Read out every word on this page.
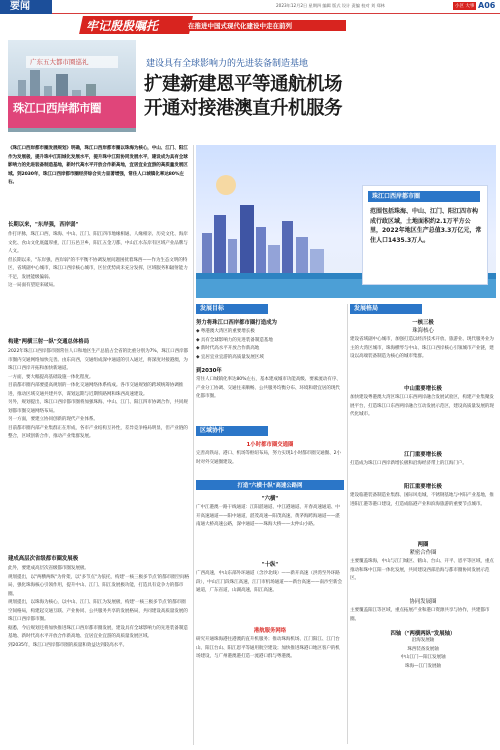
要闻	2023年12月2日 星期四 编辑 版式 设计 责编 校对 刘 郑林	小区 大事 A06
牢记殷殷嘱托	在推进中国式现代化建设中走在前列
广东五大都市圈巡礼
珠江口西岸都市圈
建设具有全球影响力的先进装备制造基地
扩建新建恩平等通航机场
开通对接港澳直升机服务
《珠江口西岸都市圈发展规划》明确，珠江口西岸都市圈以珠海为核心，中山、江门、阳江作为发展极，提升珠中江阳城化发展水平，提升珠中江阳协同发展水平，建设成为具有全球影响力的先进装备制造基地，新时代高水平开放合作新高地，宜居宜业宜游的高质量发展区域。到2030年，珠江口西岸都市圈经济综合实力显著增强，常住人口城镇化率达80%左右。
长期以来，"东岸强，西岸弱"
作打评脉，珠江口西，珠海、中山、江门、阳江四市地缘相通、人缘相亲、历史文化、海岸文化、食山文化底蕴厚重，江门五邑卫乡，阳江五金刀都，中山江水东岸有区域产业品牌与人文。
但长期以来，"东岸强，西岸弱"的不平衡不协调发展问题困扰着珠西——作为生态文明的特区，省域副中心城市，珠江口西岸核心城市，区位优势尚未充分发挥，区域服务和辐射能力不足，发展能级偏弱。
这一局面有望迎来破局。
构建"两横三射一纵"交通总体格局
2022年珠江口西岸都市圈常住人口和地区生产总值占全省的比重分别为7%，珠江口西岸都市圈内交通网络加快完善。由东向西，交通组成深中通道的引入通过，将深度对接港澳，为珠江口西岸开拓和加快新通道。
一方面，要大幅提高基础设施一体化程度。
目前都市圈内部要提高规划的一体化交通网络体系构成。各市交通规划的跨域统筹协调推进，推动区域交通共建共享，谋划远期与近期铁路网和珠西高速建设。
另外，规划提出，珠江口西岸都市圈将加强珠海、中山、江门、阳江四市协调合作，共同规划都市圈交通网络布局。
另一方面，要建立协同创新的现代产业体系。
目前都市圈内部产业集群正在形成，各市产业结构互补性，差异竞争格局明显，但产业链的整合，区域创新合作，推动产业集群发展。
建成高层次省级都市圈发展极
此外，要建成高层次省级都市圈发展极。
规划提出，以"两横两纵"为骨架，以"多节点"为依托，构建'一核三极多节点'的都市圈空间格局，强化珠海核心引领作用，提升中山、江门、阳江发展极功能，打造具有竞争力的都市圈。
规划提出，以珠海为核心，以中山、江门、阳江为发展极，构建'一核三极多节点'的都市圈空间格局，构建起交通互联、产业协同、公共服务共享的发展格局，共同建设高质量发展的珠江口西岸都市圈。
据悉，今后规划还将加快推进珠江口西岸都市圈发展，建设具有全球影响力的先进装备制造基地、新时代高水平开放合作新高地、宜居宜业宜游的高质量发展区域。
到2035年，珠江口西岸都市圈的质量和效益达到较高水平。
珠江口西岸都市圈
范围包括珠海、中山、江门、阳江四市构成行政区域，土地面积约2.1万平方公里，2022年地区生产总值3.3万亿元，常住人口1435.3万人。
发展目标
努力将珠江口西岸都市圈打造成为
◆ 粤港澳大湾区的重要增长极
◆ 具有全球影响力的先进装备制造基地
◆ 新时代高水平开放合作新高地
◆ 宜居宜业宜游的高质量发展区域
到2030年
常住人口城镇化率达80%左右，基本建成城市功能高级、要素流动有序、产业分工协调、交通往来顺畅、公共服务均衡分布、环境和谐宜居的现代化都市圈。
区域协作
1小时都市圈交通圈
完善高铁站、港口、机场等枢纽布局，努力实现1小时都市圈交通圈、2小时对外交通圈建设。
打造"六横十纵"高速公路网
"六横"
广中江港澳一路干线通道：江阳湛通道、中江港通道、开春高速通道、中开高速通道——阳中通道，湛茂高速—阳茂高速，黄茅海跨海通道——湛南通大桥高速公路，深中通道——珠海大桥——太仲山小路。
"十纵"
广西高速，中山东部外环通道（含沙北线）——新开高速（洪湾至外环路段），中山江门段珠江高速，江门市机场通道——新台高速——南沙至新会通道，广东省道，山湖高速，阳江高速。
港航服务网络
研究开通珠海港往港澳的直升机服务；推动珠海机场、江门阳江、江门台山、阳江台山、阳江恩平等通用航空建设；加快推进珠港口地区客户的机场建设，与广州港澳港打造一流港口群与粤港澳。
发展格局
一核三极
珠海核心
建设省域副中心城市，加强打造以经济技术开放、旅游业、现代服务业为主的大湾区城市，珠海横琴与中山、珠江口西岸核心引领城市产业链，建设以高端装备制造为核心的城市集群。
中山重要增长极
加快建设粤港澳大湾区珠江口东西两岸融合发展试验区，构建产业集聚发展平台，打造珠江口东西两岸融合互动发展示范区，建设高质量发展的现代化城市。
江门重要增长极
打造成为珠江口西岸新增长极和沿海经济带上的江海门户。
阳江重要增长极
建设临港装备制造业集群、国际风电城，不锈钢基地与中阳产业基地，推进阳江港等港口建设，打造成临港产业和滨海旅游的重要节点城市。
两圈
紧密合作圈
主要覆盖珠海，中山与江门城区、鹤山、台山、开平、恩平等区域，重点推动和珠中江阳一体化发展，共同建设西部沿海与都市圈协同发展示范区。
协同发展圈
主要覆盖阳江等区域，重点拓展产业和港口资源共享与协作，共建都市圈。
四轴（"两横两纵"发展轴）
沿海发展轴
珠西装备发展轴
中山江门—阳江发展轴
珠海—江门发展轴
